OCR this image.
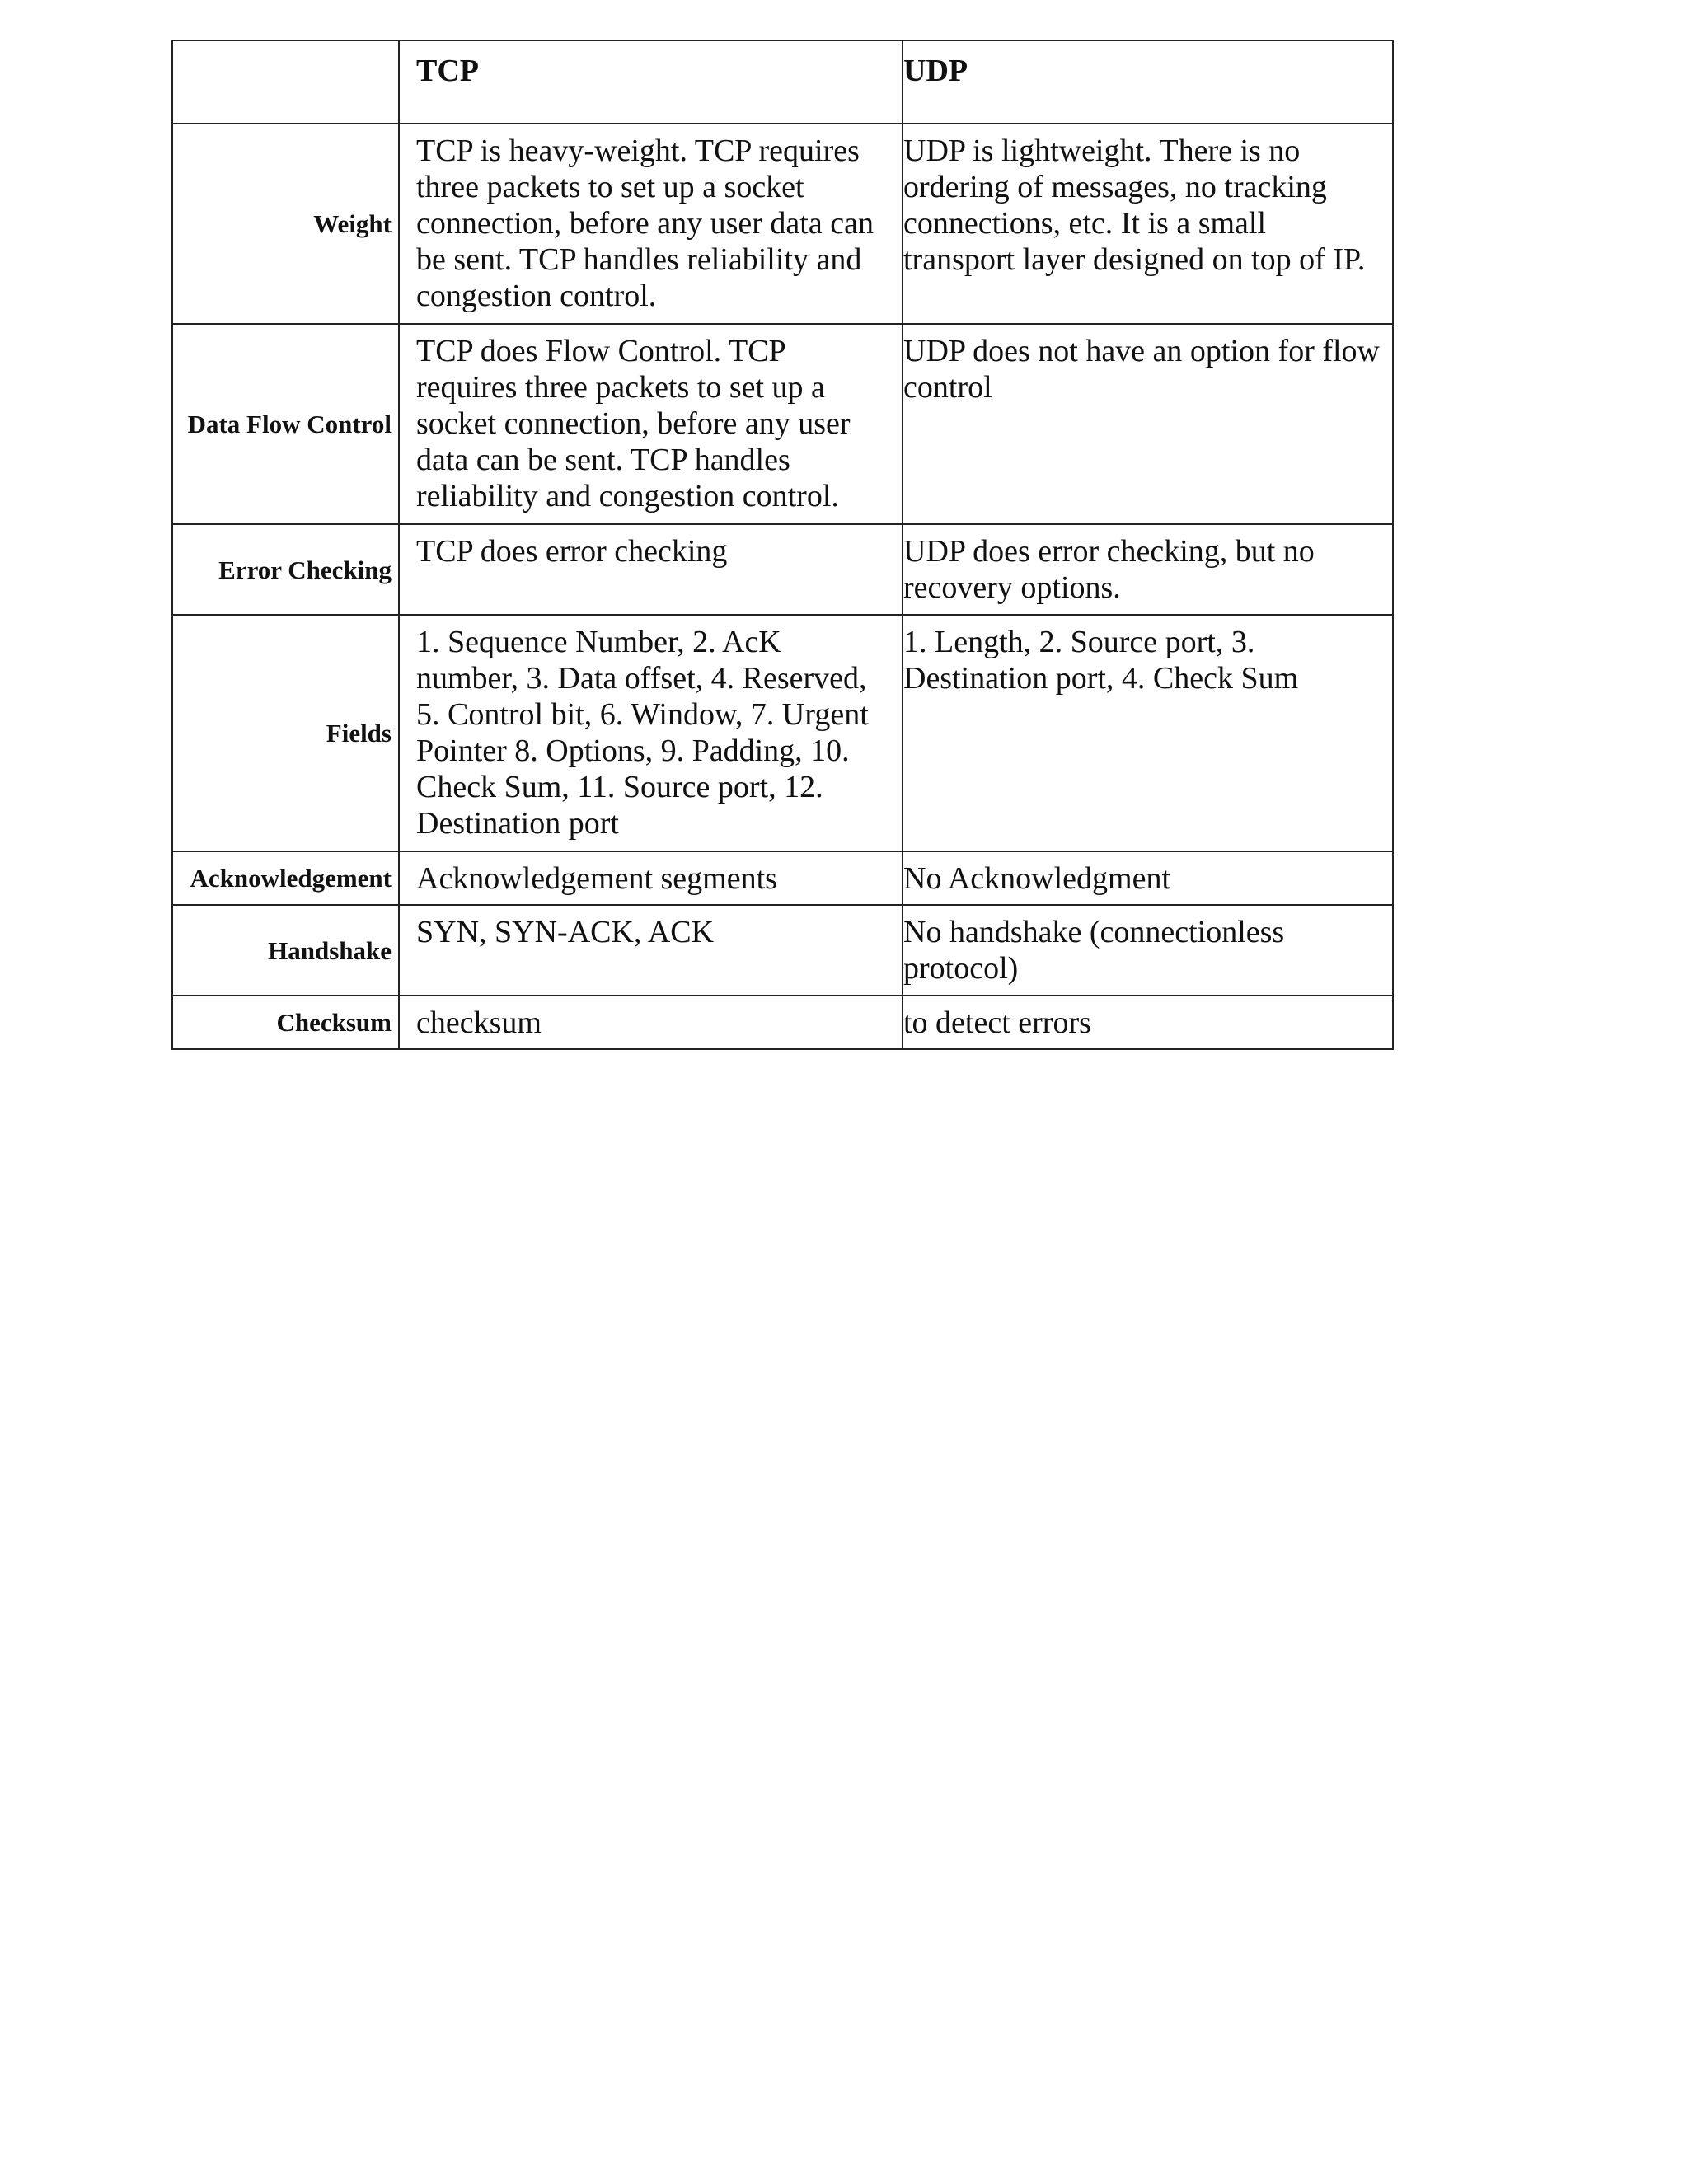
	TCP	UDP
Weight	TCP is heavy-weight. TCP requires three packets to set up a socket connection, before any user data can be sent. TCP handles reliability and congestion control.	UDP is lightweight. There is no ordering of messages, no tracking connections, etc. It is a small transport layer designed on top of IP.
Data Flow Control	TCP does Flow Control. TCP requires three packets to set up a socket connection, before any user data can be sent. TCP handles reliability and congestion control.	UDP does not have an option for flow control
Error Checking	TCP does error checking	UDP does error checking, but no recovery options.
Fields	1. Sequence Number, 2. AcK number, 3. Data offset, 4. Reserved, 5. Control bit, 6. Window, 7. Urgent Pointer 8. Options, 9. Padding, 10. Check Sum, 11. Source port, 12. Destination port	1. Length, 2. Source port, 3. Destination port, 4. Check Sum
Acknowledgement	Acknowledgement segments	No Acknowledgment
Handshake	SYN, SYN-ACK, ACK	No handshake (connectionless protocol)
Checksum	checksum	to detect errors
